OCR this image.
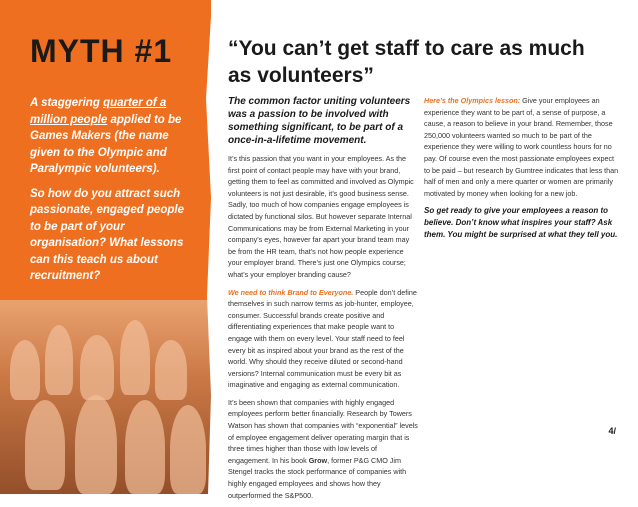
MYTH #1

A staggering quarter of a million people applied to be Games Makers (the name given to the Olympic and Paralympic volunteers).

So how do you attract such passionate, engaged people to be part of your organisation? What lessons can this teach us about recruitment?

“You can’t get staff to care as much as volunteers”

The common factor uniting volunteers was a passion to be involved with something significant, to be part of a once-in-a-lifetime movement.

It’s this passion that you want in your employees. As the first point of contact people may have with your brand, getting them to feel as committed and involved as Olympic volunteers is not just desirable, it’s good business sense. Sadly, too much of how companies engage employees is dictated by functional silos. But however separate Internal Communications may be from External Marketing in your company’s eyes, however far apart your brand team may be from the HR team, that’s not how people experience your employer brand. There’s just one Olympics course; what’s your employer branding cause?

We need to think Brand to Everyone. People don’t define themselves in such narrow terms as job-hunter, employee, consumer. Successful brands create positive and differentiating experiences that make people want to engage with them on every level. Your staff need to feel every bit as inspired about your brand as the rest of the world. Why should they receive diluted or second-hand versions? Internal communication must be every bit as imaginative and engaging as external communication.

It’s been shown that companies with highly engaged employees perform better financially. Research by Towers Watson has shown that companies with “exponential” levels of employee engagement deliver operating margin that is three times higher than those with low levels of engagement. In his book Grow, former P&G CMO Jim Stengel tracks the stock performance of companies with highly engaged employees and shows how they outperformed the S&P500.

Here’s the Olympics lesson: Give your employees an experience they want to be part of, a sense of purpose, a cause, a reason to believe in your brand. Remember, those 250,000 volunteers wanted so much to be part of the experience they were willing to work countless hours for no pay. Of course even the most passionate employees expect to be paid – but research by Gumtree indicates that less than half of men and only a mere quarter or women are primarily motivated by money when looking for a new job.

So get ready to give your employees a reason to believe. Don’t know what inspires your staff? Ask them. You might be surprised at what they tell you.

4/
